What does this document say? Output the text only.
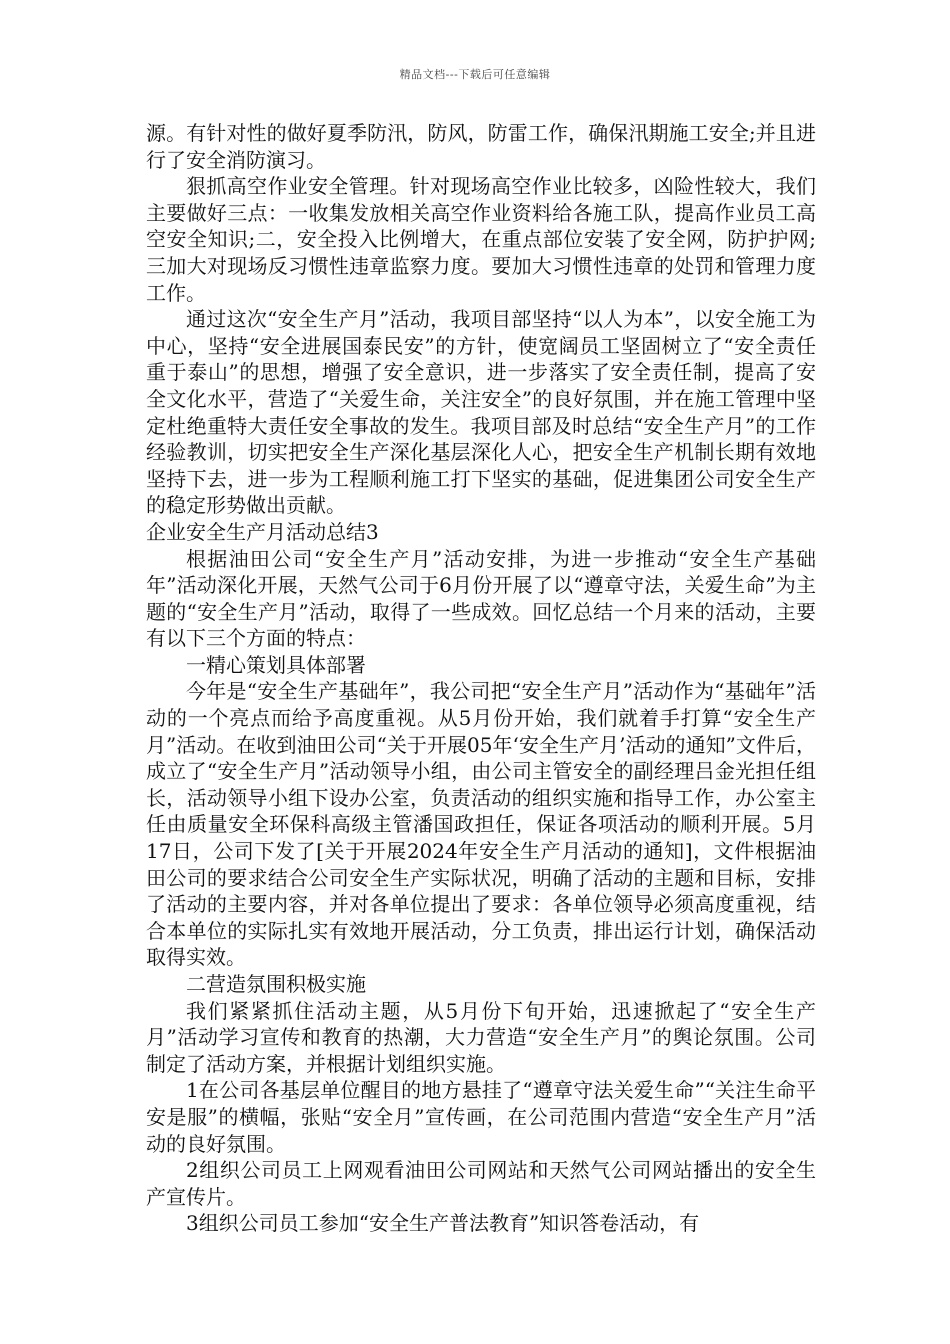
精品文档---下载后可任意编辑

源。有针对性的做好夏季防汛，防风，防雷工作，确保汛期施工安全;并且进行了安全消防演习。

狠抓高空作业安全管理。针对现场高空作业比较多，凶险性较大，我们主要做好三点：一收集发放相关高空作业资料给各施工队，提高作业员工高空安全知识;二，安全投入比例增大，在重点部位安装了安全网，防护护网;三加大对现场反习惯性违章监察力度。要加大习惯性违章的处罚和管理力度工作。

通过这次“安全生产月”活动，我项目部坚持“以人为本”，以安全施工为中心，坚持“安全进展国泰民安”的方针，使宽阔员工坚固树立了“安全责任重于泰山”的思想，增强了安全意识，进一步落实了安全责任制，提高了安全文化水平，营造了“关爱生命，关注安全”的良好氛围，并在施工管理中坚定杜绝重特大责任安全事故的发生。我项目部及时总结“安全生产月”的工作经验教训，切实把安全生产深化基层深化人心，把安全生产机制长期有效地坚持下去，进一步为工程顺利施工打下坚实的基础，促进集团公司安全生产的稳定形势做出贡献。

企业安全生产月活动总结3

根据油田公司“安全生产月”活动安排，为进一步推动“安全生产基础年”活动深化开展，天然气公司于6月份开展了以“遵章守法，关爱生命”为主题的“安全生产月”活动，取得了一些成效。回忆总结一个月来的活动，主要有以下三个方面的特点：

一精心策划具体部署

今年是“安全生产基础年”，我公司把“安全生产月”活动作为“基础年”活动的一个亮点而给予高度重视。从5月份开始，我们就着手打算“安全生产月”活动。在收到油田公司“关于开展05年‘安全生产月’活动的通知”文件后，成立了“安全生产月”活动领导小组，由公司主管安全的副经理吕金光担任组长，活动领导小组下设办公室，负责活动的组织实施和指导工作，办公室主任由质量安全环保科高级主管潘国政担任，保证各项活动的顺利开展。5月17日，公司下发了[关于开展2024年安全生产月活动的通知]，文件根据油田公司的要求结合公司安全生产实际状况，明确了活动的主题和目标，安排了活动的主要内容，并对各单位提出了要求：各单位领导必须高度重视，结合本单位的实际扎实有效地开展活动，分工负责，排出运行计划，确保活动取得实效。

二营造氛围积极实施

我们紧紧抓住活动主题，从5月份下旬开始，迅速掀起了“安全生产月”活动学习宣传和教育的热潮，大力营造“安全生产月”的舆论氛围。公司制定了活动方案，并根据计划组织实施。

1在公司各基层单位醒目的地方悬挂了“遵章守法关爱生命”“关注生命平安是服”的横幅，张贴“安全月”宣传画，在公司范围内营造“安全生产月”活动的良好氛围。

2组织公司员工上网观看油田公司网站和天然气公司网站播出的安全生产宣传片。

3组织公司员工参加“安全生产普法教育”知识答卷活动，有
